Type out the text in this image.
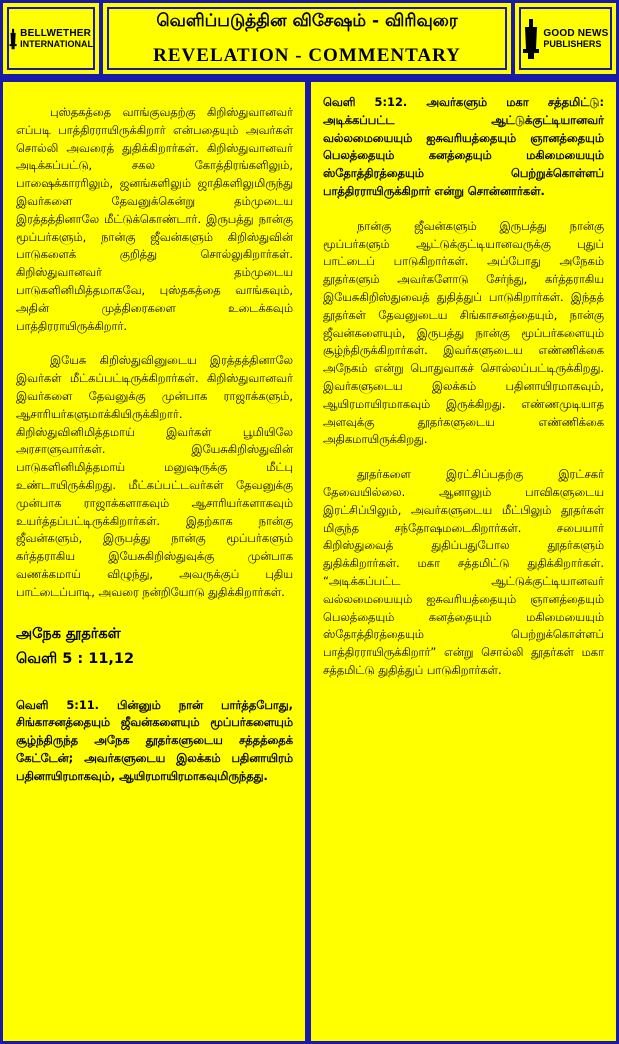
BELLWETHER
INTERNATIONAL
வெளிப்படுத்தின விசேஷம் - விரிவுரை
REVELATION - COMMENTARY
GOOD NEWS
PUBLISHERS

புஸ்தகத்தை வாங்குவதற்கு கிறிஸ்துவானவர் எப்படி பாத்திரராயிருக்கிறார் என்பதையும் அவர்கள் சொல்லி அவரைத் துதிக்கிறார்கள். கிறிஸ்துவானவர் அடிக்கப்பட்டு, சகல கோத்திரங்களிலும், பாஷைக்காரரிலும், ஜனங்களிலும் ஜாதிகளிலுமிருந்து இவர்களை தேவனுக்கென்று தம்முடைய இரத்தத்தினாலே மீட்டுக்கொண்டார். இருபத்து நான்கு மூப்பர்களும், நான்கு ஜீவன்களும் கிறிஸ்துவின் பாடுகளைக் குறித்து சொல்லுகிறார்கள். கிறிஸ்துவானவர் தம்முடைய பாடுகளினிமித்தமாகவே, புஸ்தகத்தை வாங்கவும், அதின் முத்திரைகளை உடைக்கவும் பாத்திரராயிருக்கிறார்.

இயேசு கிறிஸ்துவினுடைய இரத்தத்தினாலே இவர்கள் மீட்கப்பட்டிருக்கிறார்கள். கிறிஸ்துவானவர் இவர்களை தேவனுக்கு முன்பாக ராஜாக்களும், ஆசாரியர்களுமாக்கியிருக்கிறார். கிறிஸ்துவினிமித்தமாய் இவர்கள் பூமியிலே அரசாளுவார்கள். இயேசுகிறிஸ்துவின் பாடுகளினிமித்தமாய் மனுஷருக்கு மீட்பு உண்டாயிருக்கிறது. மீட்கப்பட்டவர்கள் தேவனுக்கு முன்பாக ராஜாக்களாகவும் ஆசாரியர்களாகவும் உயர்த்தப்பட்டிருக்கிறார்கள். இதற்காக நான்கு ஜீவன்களும், இருபத்து நான்கு மூப்பர்களும் கர்த்தராகிய இயேசுகிறிஸ்துவுக்கு முன்பாக வணக்கமாய் விழுந்து, அவருக்குப் புதிய பாட்டைப்பாடி, அவரை நன்றியோடு துதிக்கிறார்கள்.

அநேக தூதர்கள்
வெளி 5 : 11,12

வெளி 5:11. பின்னும் நான் பார்த்தபோது, சிங்காசனத்தையும் ஜீவன்களையும் மூப்பர்களையும் சூழ்ந்திருந்த அநேக தூதர்களுடைய சத்தத்தைக் கேட்டேன்; அவர்களுடைய இலக்கம் பதினாயிரம் பதினாயிரமாகவும், ஆயிரமாயிரமாகவுமிருந்தது.

வெளி 5:12. அவர்களும் மகா சத்தமிட்டு: அடிக்கப்பட்ட ஆட்டுக்குட்டியானவர் வல்லமையையும் ஐசுவரியத்தையும் ஞானத்தையும் பெலத்தையும் கனத்தையும் மகிமையையும் ஸ்தோத்திரத்தையும் பெற்றுக்கொள்ளப் பாத்திரராயிருக்கிறார் என்று சொன்னார்கள்.

நான்கு ஜீவன்களும் இருபத்து நான்கு மூப்பர்களும் ஆட்டுக்குட்டியானவருக்கு புதுப் பாட்டைப் பாடுகிறார்கள். அப்போது அநேகம் தூதர்களும் அவர்களோடு சேர்ந்து, கர்த்தராகிய இயேசுகிறிஸ்துவைத் துதித்துப் பாடுகிறார்கள். இந்தத் தூதர்கள் தேவனுடைய சிங்காசனத்தையும், நான்கு ஜீவன்களையும், இருபத்து நான்கு மூப்பர்களையும் சூழ்ந்திருக்கிறார்கள். இவர்களுடைய எண்ணிக்கை அநேகம் என்று பொதுவாகச் சொல்லப்பட்டிருக்கிறது. இவர்களுடைய இலக்கம் பதினாயிரமாகவும், ஆயிரமாயிரமாகவும் இருக்கிறது. எண்ணமுடியாத அளவுக்கு தூதர்களுடைய எண்ணிக்கை அதிகமாயிருக்கிறது.

தூதர்களை இரட்சிப்பதற்கு இரட்சகர் தேவையில்லை. ஆனாலும் பாவிகளுடைய இரட்சிப்பிலும், அவர்களுடைய மீட்பிலும் தூதர்கள் மிகுந்த சந்தோஷமடைகிறார்கள். சபையார் கிறிஸ்துவைத் துதிப்பதுபோல தூதர்களும் துதிக்கிறார்கள். மகா சத்தமிட்டு துதிக்கிறார்கள். “அடிக்கப்பட்ட ஆட்டுக்குட்டியானவர் வல்லமையையும் ஐசுவரியத்தையும் ஞானத்தையும் பெலத்தையும் கனத்தையும் மகிமையையும் ஸ்தோத்திரத்தையும் பெற்றுக்கொள்ளப் பாத்திரராயிருக்கிறார்” என்று சொல்லி தூதர்கள் மகா சத்தமிட்டு துதித்துப் பாடுகிறார்கள்.
